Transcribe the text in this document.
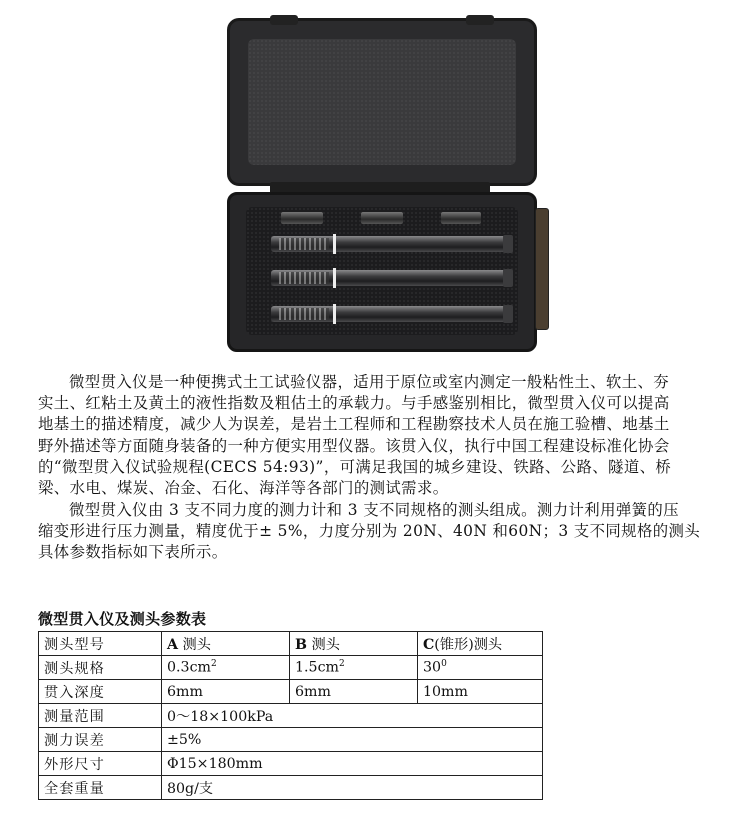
微型贯入仪是一种便携式土工试验仪器，适用于原位或室内测定一般粘性土、软土、夯
实土、红粘土及黄土的液性指数及粗估土的承载力。与手感鉴别相比，微型贯入仪可以提高
地基土的描述精度，减少人为误差，是岩土工程师和工程勘察技术人员在施工验槽、地基土
野外描述等方面随身装备的一种方便实用型仪器。该贯入仪，执行中国工程建设标准化协会
的“微型贯入仪试验规程(CECS 54:93)”，可满足我国的城乡建设、铁路、公路、隧道、桥
梁、水电、煤炭、冶金、石化、海洋等各部门的测试需求。

微型贯入仪由 3 支不同力度的测力计和 3 支不同规格的测头组成。测力计利用弹簧的压
缩变形进行压力测量，精度优于± 5%，力度分别为 20N、40N 和60N；3 支不同规格的测头
具体参数指标如下表所示。

微型贯入仪及测头参数表
测头型号	A 测头	B 测头	C(锥形)测头
测头规格	$0.3cm^2$	$1.5cm^2$	$30^0$
贯入深度	6mm	6mm	10mm
测量范围	0～18×100kPa		
测力误差	±5%		
外形尺寸	Φ15×180mm		
全套重量	80g/支		
